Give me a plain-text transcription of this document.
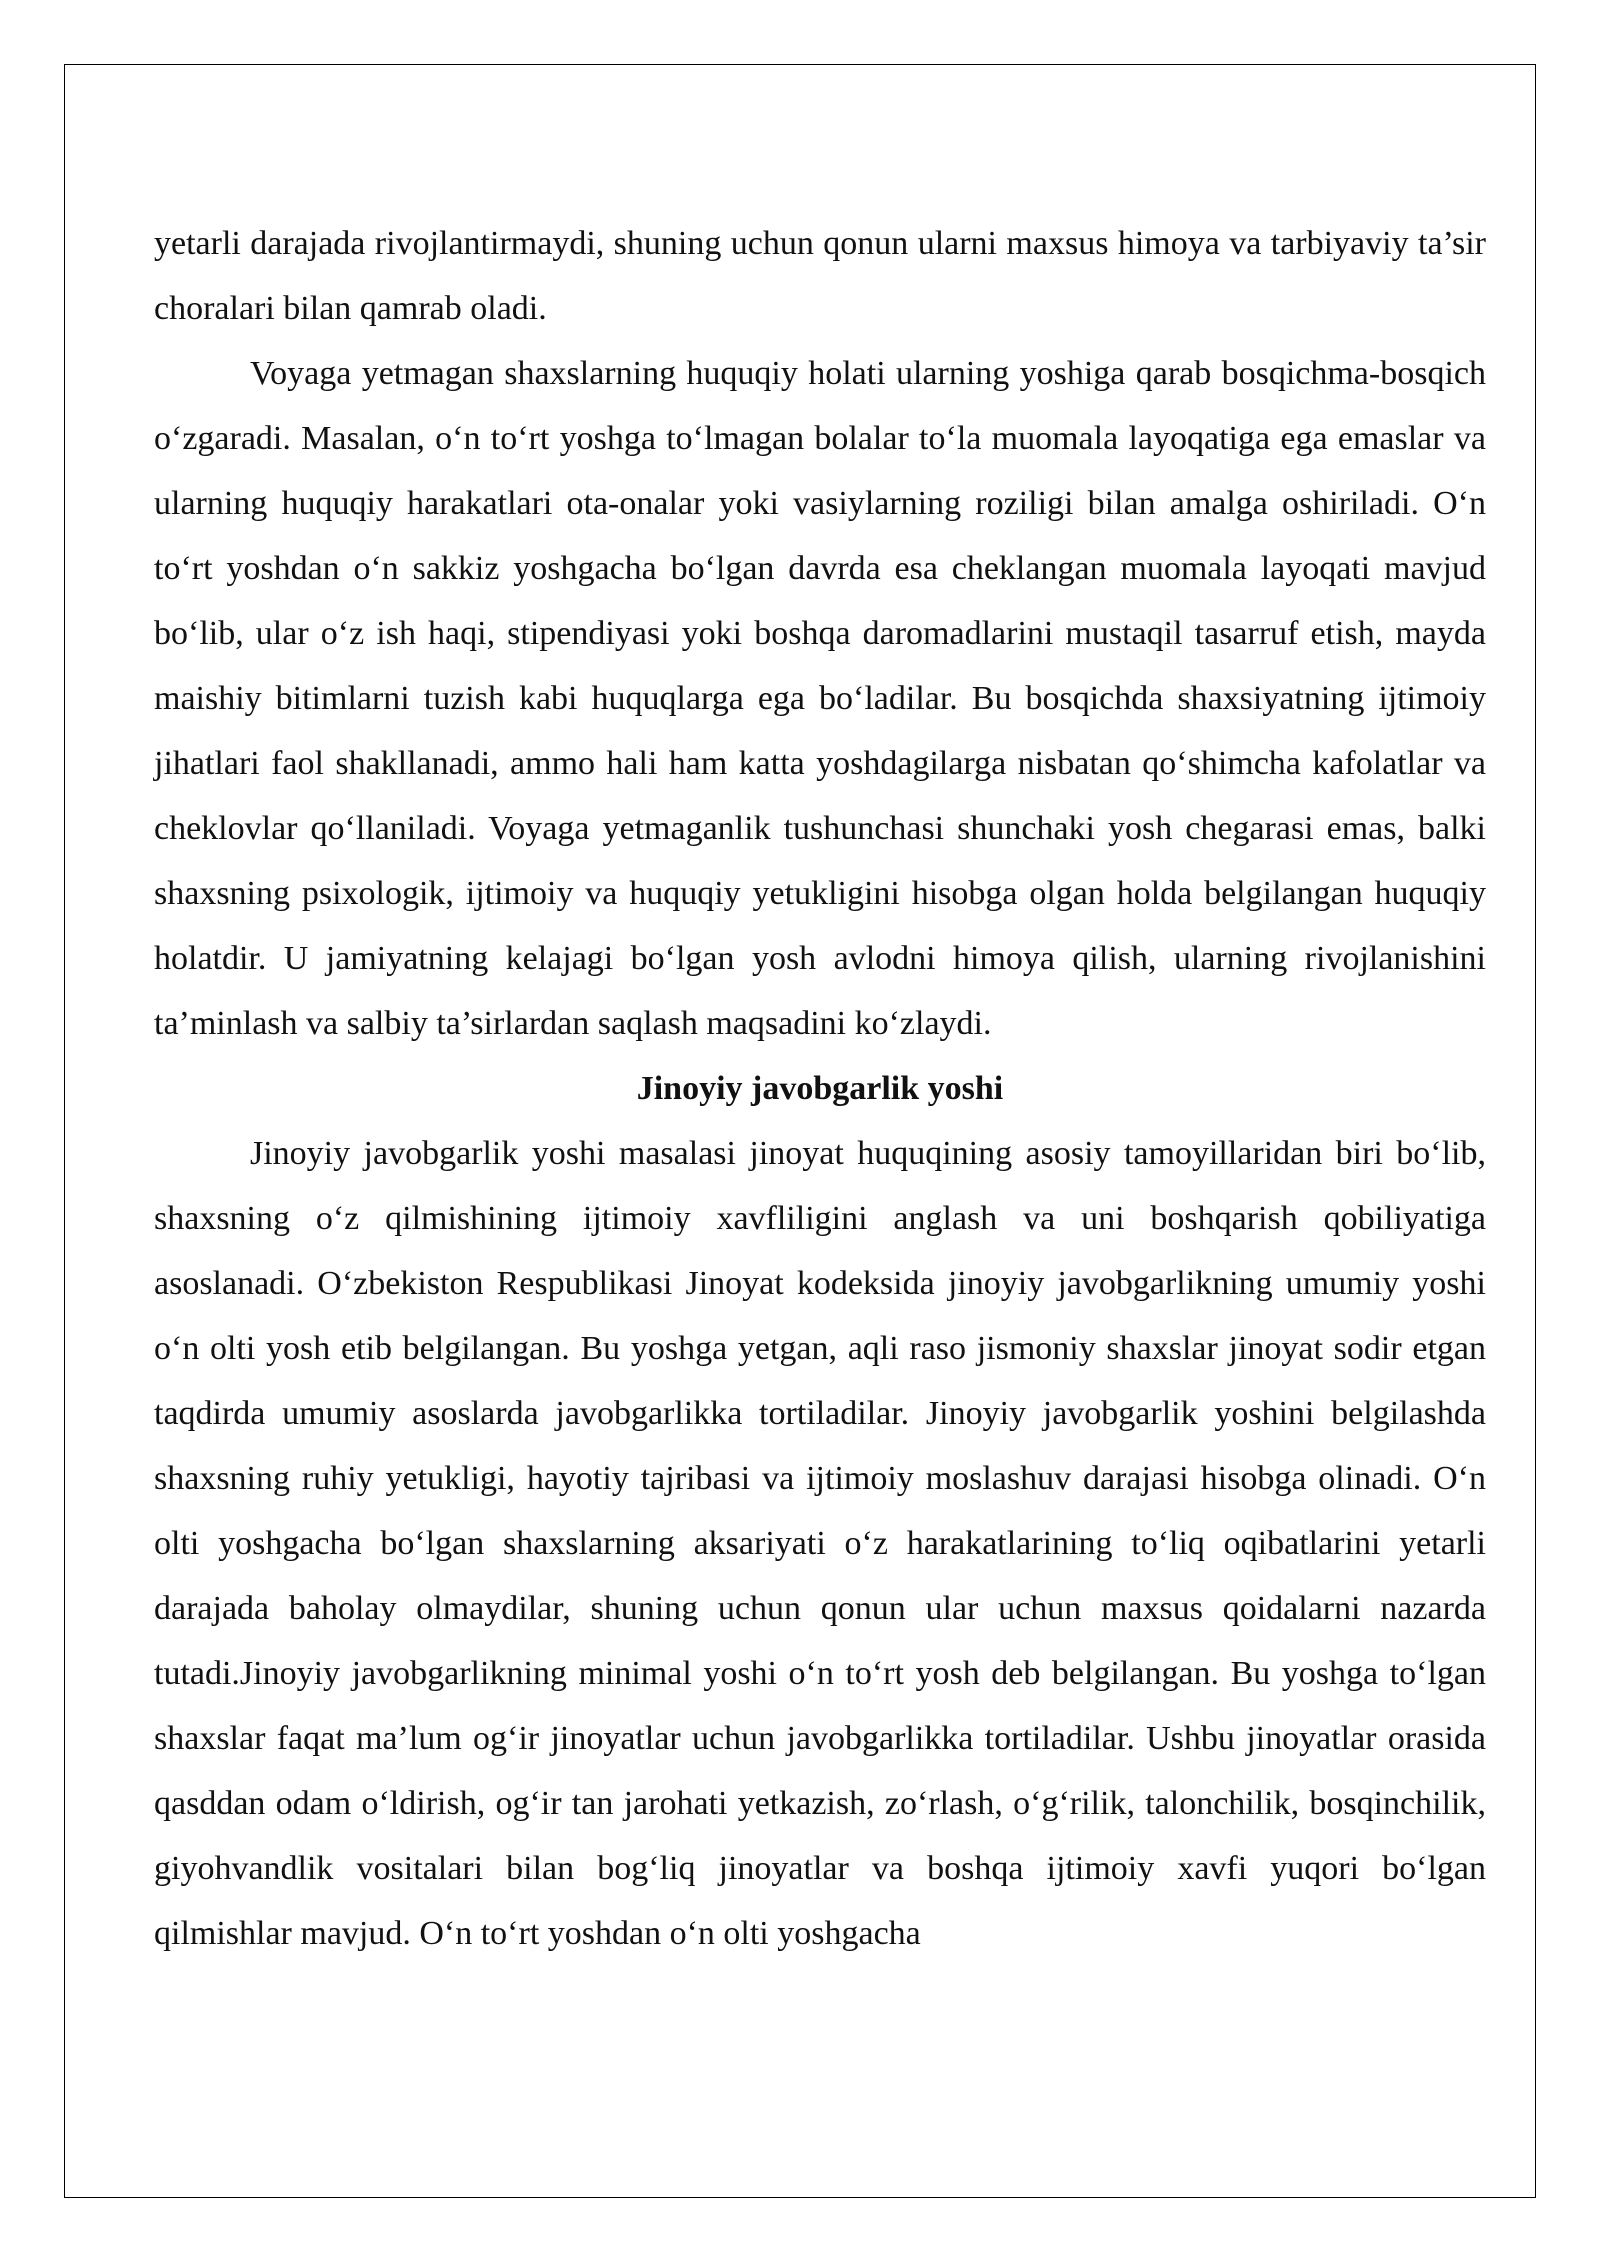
yetarli darajada rivojlantirmaydi, shuning uchun qonun ularni maxsus himoya va tarbiyaviy ta’sir choralari bilan qamrab oladi.

Voyaga yetmagan shaxslarning huquqiy holati ularning yoshiga qarab bosqichma-bosqich o‘zgaradi. Masalan, o‘n to‘rt yoshga to‘lmagan bolalar to‘la muomala layoqatiga ega emaslar va ularning huquqiy harakatlari ota-onalar yoki vasiylarning roziligi bilan amalga oshiriladi. O‘n to‘rt yoshdan o‘n sakkiz yoshgacha bo‘lgan davrda esa cheklangan muomala layoqati mavjud bo‘lib, ular o‘z ish haqi, stipendiyasi yoki boshqa daromadlarini mustaqil tasarruf etish, mayda maishiy bitimlarni tuzish kabi huquqlarga ega bo‘ladilar. Bu bosqichda shaxsiyatning ijtimoiy jihatlari faol shakllanadi, ammo hali ham katta yoshdagilarga nisbatan qo‘shimcha kafolatlar va cheklovlar qo‘llaniladi. Voyaga yetmaganlik tushunchasi shunchaki yosh chegarasi emas, balki shaxsning psixologik, ijtimoiy va huquqiy yetukligini hisobga olgan holda belgilangan huquqiy holatdir. U jamiyatning kelajagi bo‘lgan yosh avlodni himoya qilish, ularning rivojlanishini ta’minlash va salbiy ta’sirlardan saqlash maqsadini ko‘zlaydi.

Jinoyiy javobgarlik yoshi

Jinoyiy javobgarlik yoshi masalasi jinoyat huquqining asosiy tamoyillaridan biri bo‘lib, shaxsning o‘z qilmishining ijtimoiy xavfliligini anglash va uni boshqarish qobiliyatiga asoslanadi. O‘zbekiston Respublikasi Jinoyat kodeksida jinoyiy javobgarlikning umumiy yoshi o‘n olti yosh etib belgilangan. Bu yoshga yetgan, aqli raso jismoniy shaxslar jinoyat sodir etgan taqdirda umumiy asoslarda javobgarlikka tortiladilar. Jinoyiy javobgarlik yoshini belgilashda shaxsning ruhiy yetukligi, hayotiy tajribasi va ijtimoiy moslashuv darajasi hisobga olinadi. O‘n olti yoshgacha bo‘lgan shaxslarning aksariyati o‘z harakatlarining to‘liq oqibatlarini yetarli darajada baholay olmaydilar, shuning uchun qonun ular uchun maxsus qoidalarni nazarda tutadi.Jinoyiy javobgarlikning minimal yoshi o‘n to‘rt yosh deb belgilangan. Bu yoshga to‘lgan shaxslar faqat ma’lum og‘ir jinoyatlar uchun javobgarlikka tortiladilar. Ushbu jinoyatlar orasida qasddan odam o‘ldirish, og‘ir tan jarohati yetkazish, zo‘rlash, o‘g‘rilik, talonchilik, bosqinchilik, giyohvandlik vositalari bilan bog‘liq jinoyatlar va boshqa ijtimoiy xavfi yuqori bo‘lgan qilmishlar mavjud. O‘n to‘rt yoshdan o‘n olti yoshgacha
